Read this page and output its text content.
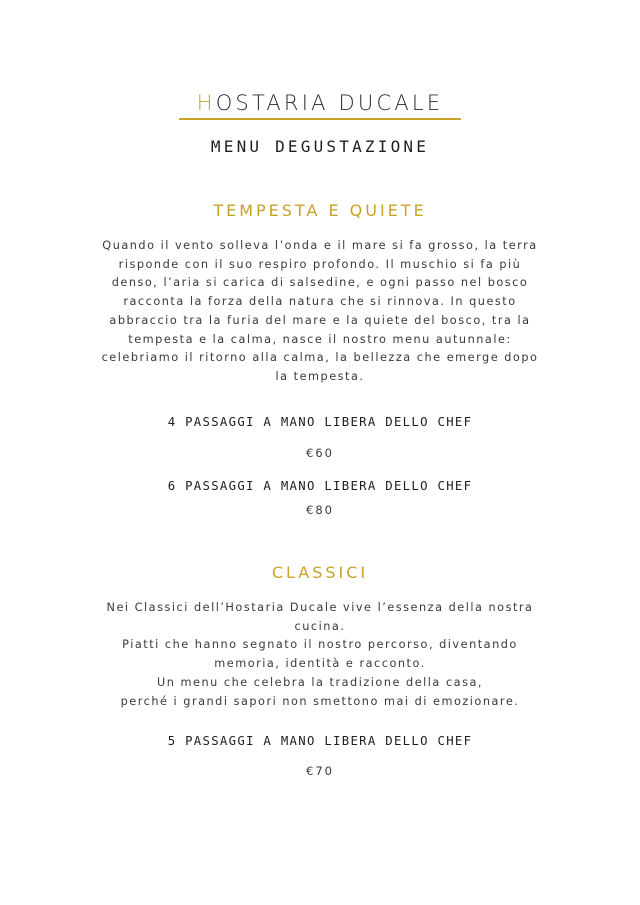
HOSTARIA DUCALE
MENU DEGUSTAZIONE
TEMPESTA E QUIETE
Quando il vento solleva l’onda e il mare si fa grosso, la terra
risponde con il suo respiro profondo. Il muschio si fa più
denso, l’aria si carica di salsedine, e ogni passo nel bosco
racconta la forza della natura che si rinnova. In questo
abbraccio tra la furia del mare e la quiete del bosco, tra la
tempesta e la calma, nasce il nostro menu autunnale:
celebriamo il ritorno alla calma, la bellezza che emerge dopo
la tempesta.
4 PASSAGGI A MANO LIBERA DELLO CHEF
€60
6 PASSAGGI A MANO LIBERA DELLO CHEF
€80
CLASSICI
Nei Classici dell’Hostaria Ducale vive l’essenza della nostra
cucina.
Piatti che hanno segnato il nostro percorso, diventando
memoria, identità e racconto.
Un menu che celebra la tradizione della casa,
perché i grandi sapori non smettono mai di emozionare.
5 PASSAGGI A MANO LIBERA DELLO CHEF
€70
